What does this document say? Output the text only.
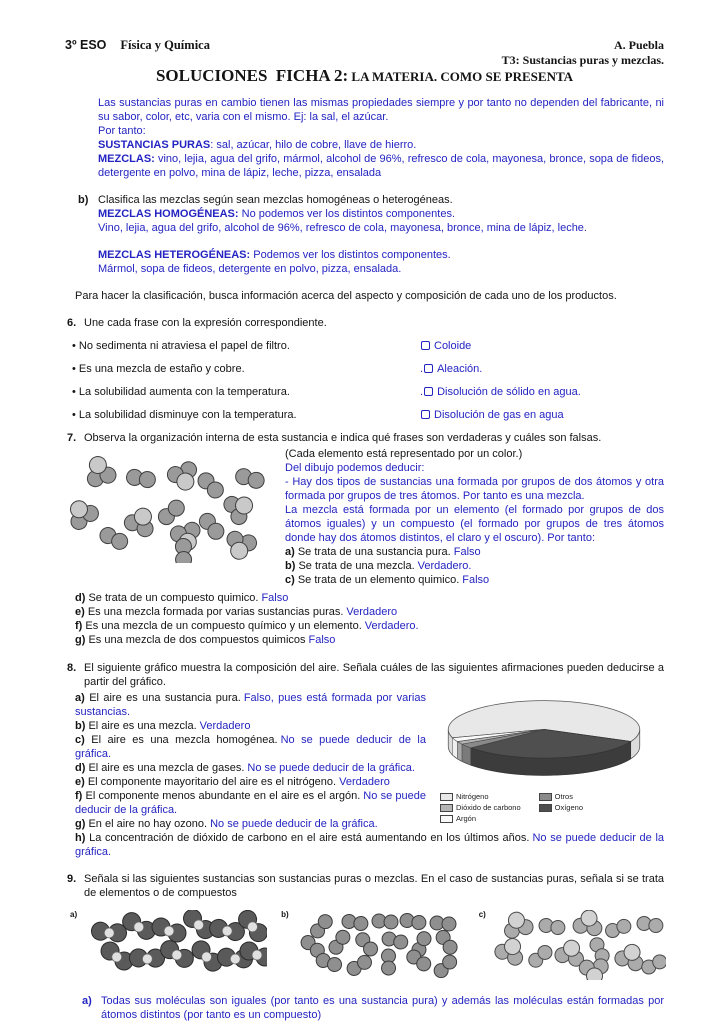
3º ESO Física y Química	A. Puebla
T3: Sustancias puras y mezclas.
SOLUCIONES  FICHA 2: LA MATERIA. COMO SE PRESENTA

Las sustancias puras en cambio tienen las mismas propiedades siempre y por tanto no dependen del fabricante, ni su sabor, color, etc, varia con el mismo. Ej: la sal, el azúcar.

Por tanto:

SUSTANCIAS PURAS: sal, azúcar, hilo de cobre, llave de hierro.

MEZCLAS: vino, lejia, agua del grifo, mármol, alcohol de 96%, refresco de cola, mayonesa, bronce, sopa de fideos, detergente en polvo, mina de lápiz, leche, pizza, ensalada

b) Clasifica las mezclas según sean mezclas homogéneas o heterogéneas.

MEZCLAS HOMOGÉNEAS: No podemos ver los distintos componentes.

Vino, lejia, agua del grifo, alcohol de 96%, refresco de cola, mayonesa, bronce, mina de lápiz, leche.

MEZCLAS HETEROGÉNEAS: Podemos ver los distintos componentes.

Mármol, sopa de fideos, detergente en polvo, pizza, ensalada.

Para hacer la clasificación, busca información acerca del aspecto y composición de cada uno de los productos.

6. Une cada frase con la expresión correspondiente.
• No sedimenta ni atraviesa el papel de filtro.	Coloide
• Es una mezcla de estaño y cobre.	. Aleación.
• La solubilidad aumenta con la temperatura.	. Disolución de sólido en agua.
• La solubilidad disminuye con la temperatura.	Disolución de gas en agua
7. Observa la organización interna de esta sustancia e indica qué frases son verdaderas y cuáles son falsas.

(Cada elemento está representado por un color.)

Del dibujo podemos deducir:

- Hay dos tipos de sustancias una formada por grupos de dos átomos y otra formada por grupos de tres átomos. Por tanto es una mezcla.

La mezcla está formada por un elemento (el formado por grupos de dos átomos iguales) y un compuesto (el formado por grupos de tres átomos donde hay dos átomos distintos, el claro y el oscuro). Por tanto:

a) Se trata de una sustancia pura. Falso

b) Se trata de una mezcla. Verdadero.

c) Se trata de un elemento quimico. Falso

d) Se trata de un compuesto quimico. Falso

e) Es una mezcla formada por varias sustancias puras. Verdadero

f) Es una mezcla de un compuesto químico y un elemento. Verdadero.

g) Es una mezcla de dos compuestos quimicos Falso

8. El siguiente gráfico muestra la composición del aire. Señala cuáles de las siguientes afirmaciones pueden deducirse a partir del gráfico.
Nitrógeno
Dióxido de carbono
Argón
Otros
Oxígeno

a) El aire es una sustancia pura. Falso, pues está formada por varias sustancias.

b) El aire es una mezcla. Verdadero

c) El aire es una mezcla homogénea. No se puede deducir de la gráfica.

d) El aire es una mezcla de gases. No se puede deducir de la gráfica.

e) El componente mayoritario del aire es el nitrógeno. Verdadero

f) El componente menos abundante en el aire es el argón. No se puede deducir de la gráfica.

g) En el aire no hay ozono. No se puede deducir de la gráfica.

h) La concentración de dióxido de carbono en el aire está aumentando en los últimos años. No se puede deducir de la gráfica.

9. Señala si las siguientes sustancias son sustancias puras o mezclas. En el caso de sustancias puras, señala si se trata de elementos o de compuestos
a)	b)	c)
a) Todas sus moléculas son iguales (por tanto es una sustancia pura) y además las moléculas están formadas por átomos distintos (por tanto es un compuesto)
